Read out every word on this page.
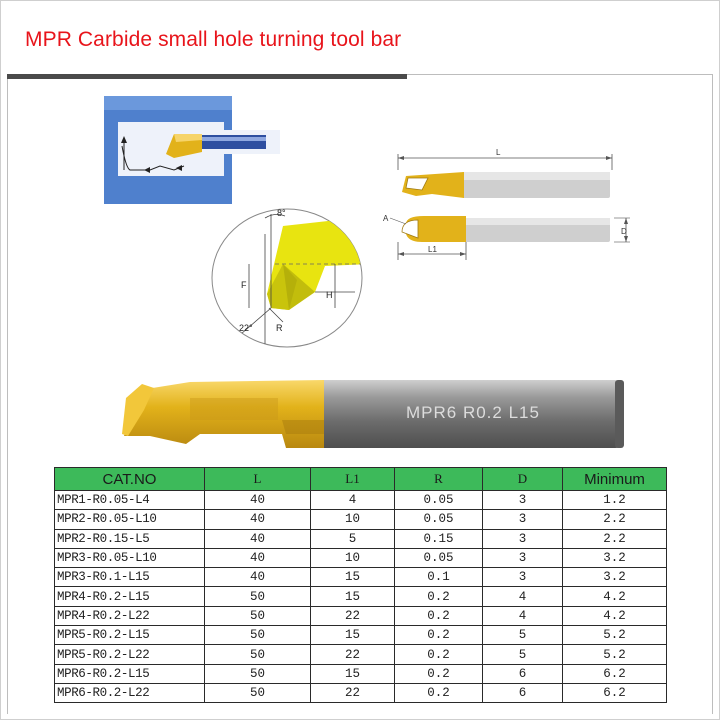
MPR Carbide small hole turning tool bar
8°
F
H
R
22°
L
A
L1
D
MPR6 R0.2 L15
CAT.NO	L	L1	R	D	Minimum
MPR1-R0.05-L4	40	4	0.05	3	1.2
MPR2-R0.05-L10	40	10	0.05	3	2.2
MPR2-R0.15-L5	40	5	0.15	3	2.2
MPR3-R0.05-L10	40	10	0.05	3	3.2
MPR3-R0.1-L15	40	15	0.1	3	3.2
MPR4-R0.2-L15	50	15	0.2	4	4.2
MPR4-R0.2-L22	50	22	0.2	4	4.2
MPR5-R0.2-L15	50	15	0.2	5	5.2
MPR5-R0.2-L22	50	22	0.2	5	5.2
MPR6-R0.2-L15	50	15	0.2	6	6.2
MPR6-R0.2-L22	50	22	0.2	6	6.2
